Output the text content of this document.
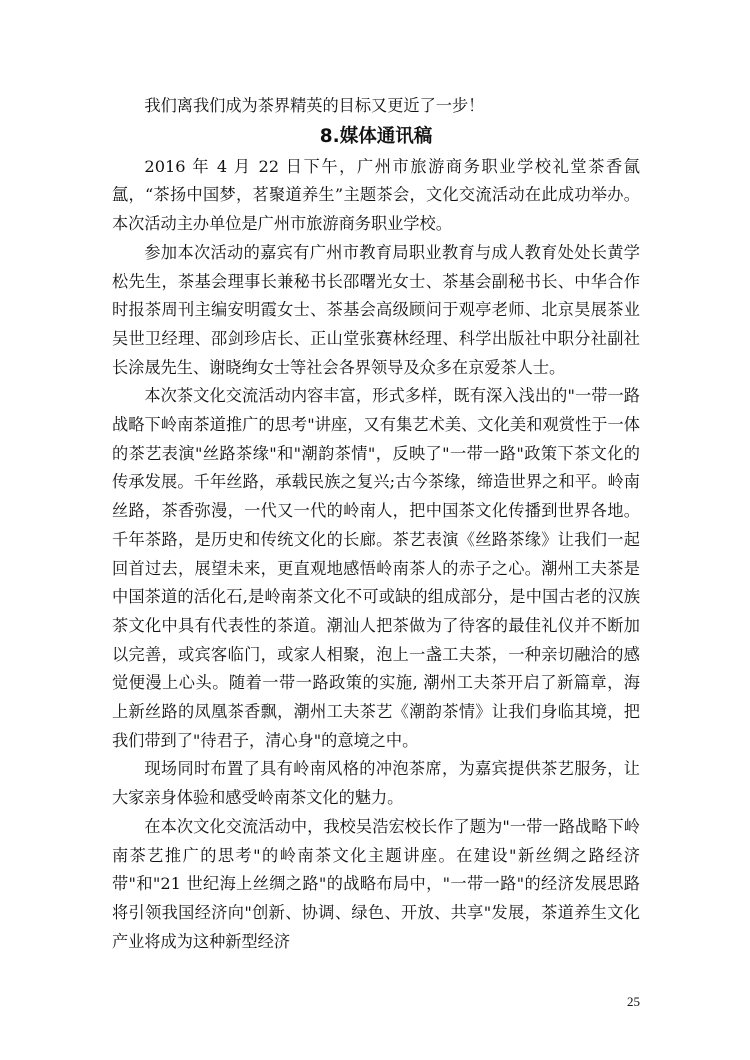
我们离我们成为茶界精英的目标又更近了一步！

8.媒体通讯稿

2016 年 4 月 22 日下午，广州市旅游商务职业学校礼堂茶香氤氲，“茶扬中国梦，茗聚道养生”主题茶会，文化交流活动在此成功举办。本次活动主办单位是广州市旅游商务职业学校。

参加本次活动的嘉宾有广州市教育局职业教育与成人教育处处长黄学松先生，茶基会理事长兼秘书长邵曙光女士、茶基会副秘书长、中华合作时报茶周刊主编安明霞女士、茶基会高级顾问于观亭老师、北京昊展茶业吴世卫经理、邵剑珍店长、正山堂张赛林经理、科学出版社中职分社副社长涂晟先生、谢晓绚女士等社会各界领导及众多在京爱茶人士。

本次茶文化交流活动内容丰富，形式多样，既有深入浅出的"一带一路战略下岭南茶道推广的思考"讲座，又有集艺术美、文化美和观赏性于一体的茶艺表演"丝路茶缘"和"潮韵茶情"，反映了"一带一路"政策下茶文化的传承发展。千年丝路，承载民族之复兴;古今茶缘，缔造世界之和平。岭南丝路，茶香弥漫，一代又一代的岭南人，把中国茶文化传播到世界各地。千年茶路，是历史和传统文化的长廊。茶艺表演《丝路茶缘》让我们一起回首过去，展望未来，更直观地感悟岭南茶人的赤子之心。潮州工夫茶是中国茶道的活化石,是岭南茶文化不可或缺的组成部分，是中国古老的汉族茶文化中具有代表性的茶道。潮汕人把茶做为了待客的最佳礼仪并不断加以完善，或宾客临门，或家人相聚，泡上一盏工夫茶，一种亲切融洽的感觉便漫上心头。随着一带一路政策的实施, 潮州工夫茶开启了新篇章，海上新丝路的凤凰茶香飘，潮州工夫茶艺《潮韵茶情》让我们身临其境，把我们带到了"待君子，清心身"的意境之中。

现场同时布置了具有岭南风格的冲泡茶席，为嘉宾提供茶艺服务，让大家亲身体验和感受岭南茶文化的魅力。

在本次文化交流活动中，我校吴浩宏校长作了题为"一带一路战略下岭南茶艺推广的思考"的岭南茶文化主题讲座。在建设"新丝绸之路经济带"和"21 世纪海上丝绸之路"的战略布局中，"一带一路"的经济发展思路将引领我国经济向"创新、协调、绿色、开放、共享"发展，茶道养生文化产业将成为这种新型经济

25
